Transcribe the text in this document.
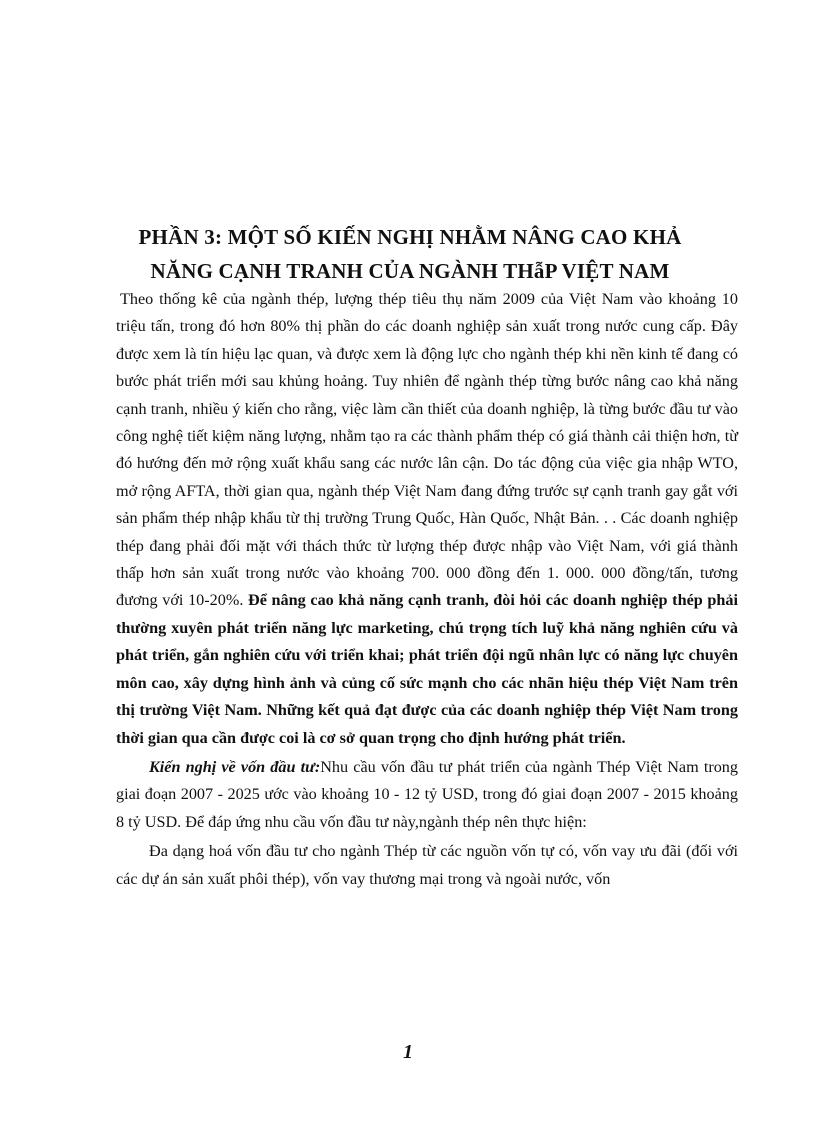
PHẦN 3: MỘT SỐ KIẾN NGHỊ NHẰM NÂNG CAO KHẢ
NĂNG CẠNH TRANH CỦA NGÀNH THẫP VIỆT NAM

Theo thống kê của ngành thép, lượng thép tiêu thụ năm 2009 của Việt Nam vào khoảng 10 triệu tấn, trong đó hơn 80% thị phần do các doanh nghiệp sản xuất trong nước cung cấp. Đây được xem là tín hiệu lạc quan, và được xem là động lực cho ngành thép khi nền kinh tế đang có bước phát triển mới sau khủng hoảng. Tuy nhiên để ngành thép từng bước nâng cao khả năng cạnh tranh, nhiều ý kiến cho rằng, việc làm cần thiết của doanh nghiệp, là từng bước đầu tư vào công nghệ tiết kiệm năng lượng, nhằm tạo ra các thành phẩm thép có giá thành cải thiện hơn, từ đó hướng đến mở rộng xuất khẩu sang các nước lân cận. Do tác động của việc gia nhập WTO, mở rộng AFTA, thời gian qua, ngành thép Việt Nam đang đứng trước sự cạnh tranh gay gắt với sản phẩm thép nhập khẩu từ thị trường Trung Quốc, Hàn Quốc, Nhật Bản. . . Các doanh nghiệp thép đang phải đối mặt với thách thức từ lượng thép được nhập vào Việt Nam, với giá thành thấp hơn sản xuất trong nước vào khoảng 700. 000 đồng đến 1. 000. 000 đồng/tấn, tương đương với 10-20%. Để nâng cao khả năng cạnh tranh, đòi hỏi các doanh nghiệp thép phải thường xuyên phát triển năng lực marketing, chú trọng tích luỹ khả năng nghiên cứu và phát triển, gắn nghiên cứu với triển khai; phát triển đội ngũ nhân lực có năng lực chuyên môn cao, xây dựng hình ảnh và củng cố sức mạnh cho các nhãn hiệu thép Việt Nam trên thị trường Việt Nam. Những kết quả đạt được của các doanh nghiệp thép Việt Nam trong thời gian qua cần được coi là cơ sở quan trọng cho định hướng phát triển.

Kiến nghị về vốn đầu tư:Nhu cầu vốn đầu tư phát triển của ngành Thép Việt Nam trong giai đoạn 2007 - 2025 ước vào khoảng 10 - 12 tỷ USD, trong đó giai đoạn 2007 - 2015 khoảng 8 tỷ USD. Để đáp ứng nhu cầu vốn đầu tư này,ngành thép nên thực hiện:

Đa dạng hoá vốn đầu tư cho ngành Thép từ các nguồn vốn tự có, vốn vay ưu đãi (đối với các dự án sản xuất phôi thép), vốn vay thương mại trong và ngoài nước, vốn

1
